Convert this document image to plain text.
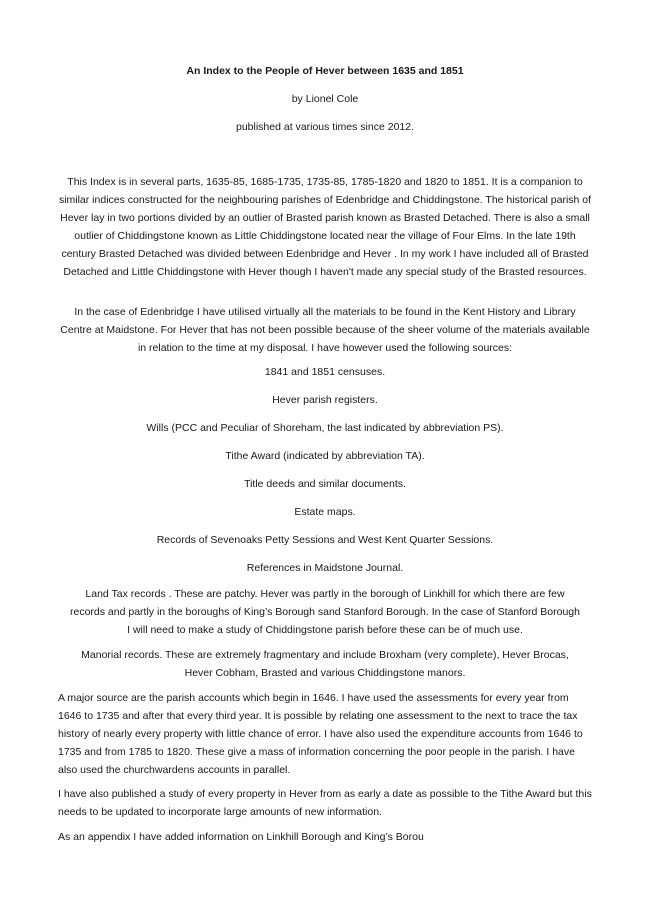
An Index to the People of Hever between 1635 and 1851
by Lionel Cole
published at various times since 2012.
This Index is in several parts, 1635-85, 1685-1735, 1735-85, 1785-1820 and 1820 to 1851. It is a companion to similar indices constructed for the neighbouring parishes of Edenbridge and Chiddingstone. The historical parish of Hever lay in two portions divided by an outlier of Brasted parish known as Brasted Detached. There is also a small outlier of Chiddingstone known as Little Chiddingstone located near the village of Four Elms. In the late 19th century Brasted Detached was divided between Edenbridge and Hever . In my work I have included all of Brasted Detached and Little Chiddingstone with Hever though I haven't made any special study of the Brasted resources.
In the case of Edenbridge I have utilised virtually all the materials to be found in the Kent History and Library Centre at Maidstone. For Hever that has not been possible because of the sheer volume of the materials available in relation to the time at my disposal. I have however used the following sources:
1841 and 1851 censuses.
Hever parish registers.
Wills (PCC and Peculiar of Shoreham, the last indicated by abbreviation PS).
Tithe Award (indicated by abbreviation TA).
Title deeds and similar documents.
Estate maps.
Records of Sevenoaks Petty Sessions and West Kent Quarter Sessions.
References in Maidstone Journal.
Land Tax records . These are patchy. Hever was partly in the borough of Linkhill for which there are few records and partly in the boroughs of King’s Borough sand Stanford Borough. In the case of Stanford Borough I will need to make a study of Chiddingstone parish before these can be of much use.
Manorial records. These are extremely fragmentary and include Broxham (very complete), Hever Brocas, Hever Cobham, Brasted and various Chiddingstone manors.
A major source are the parish accounts which begin in 1646. I have used the assessments for every year from 1646 to 1735 and after that every third year. It is possible by relating one assessment to the next to trace the tax history of nearly every property with little chance of error. I have also used the expenditure accounts from 1646 to 1735 and from 1785 to 1820. These give a mass of information concerning the poor people in the parish. I have also used the churchwardens accounts in parallel.
I have also published a study of every property in Hever from as early a date as possible to the Tithe Award but this needs to be updated to incorporate large amounts of new information.
As an appendix I have added information on Linkhill Borough and King’s Borou
